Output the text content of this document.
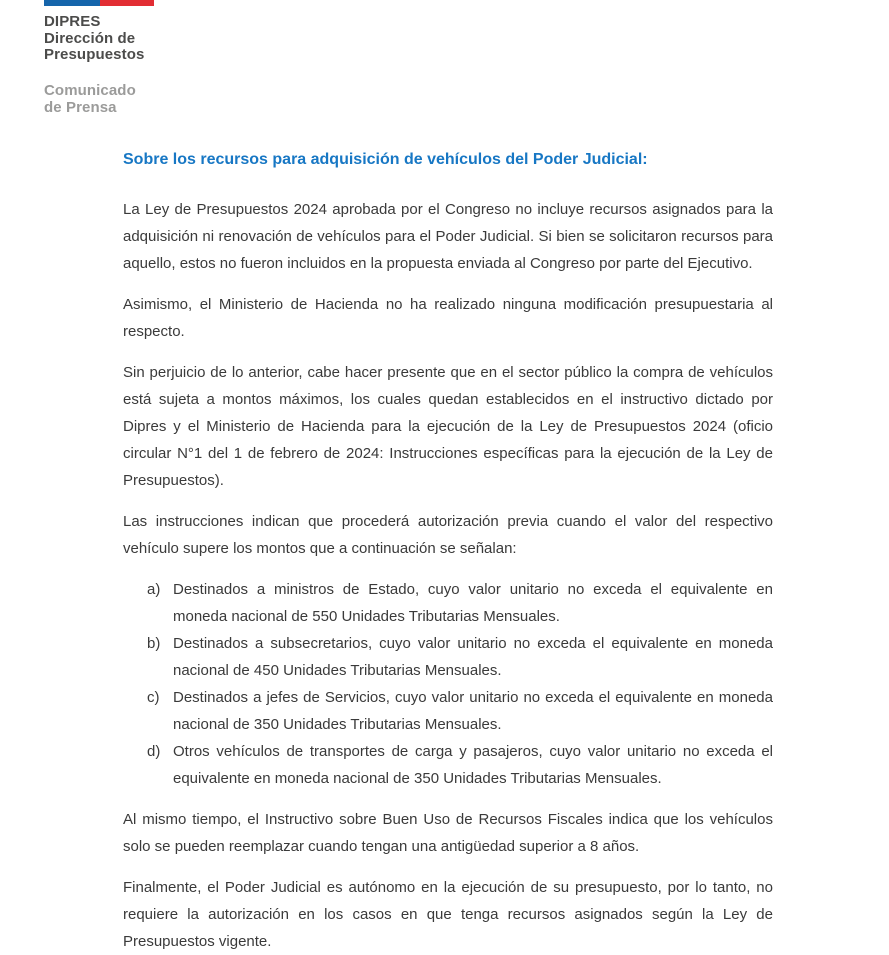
DIPRES
Dirección de
Presupuestos
Comunicado
de Prensa
Sobre los recursos para adquisición de vehículos del Poder Judicial:

La Ley de Presupuestos 2024 aprobada por el Congreso no incluye recursos asignados para la adquisición ni renovación de vehículos para el Poder Judicial. Si bien se solicitaron recursos para aquello, estos no fueron incluidos en la propuesta enviada al Congreso por parte del Ejecutivo.

Asimismo, el Ministerio de Hacienda no ha realizado ninguna modificación presupuestaria al respecto.

Sin perjuicio de lo anterior, cabe hacer presente que en el sector público la compra de vehículos está sujeta a montos máximos, los cuales quedan establecidos en el instructivo dictado por Dipres y el Ministerio de Hacienda para la ejecución de la Ley de Presupuestos 2024 (oficio circular N°1 del 1 de febrero de 2024: Instrucciones específicas para la ejecución de la Ley de Presupuestos).

Las instrucciones indican que procederá autorización previa cuando el valor del respectivo vehículo supere los montos que a continuación se señalan:

a) Destinados a ministros de Estado, cuyo valor unitario no exceda el equivalente en moneda nacional de 550 Unidades Tributarias Mensuales.
b) Destinados a subsecretarios, cuyo valor unitario no exceda el equivalente en moneda nacional de 450 Unidades Tributarias Mensuales.
c) Destinados a jefes de Servicios, cuyo valor unitario no exceda el equivalente en moneda nacional de 350 Unidades Tributarias Mensuales.
d) Otros vehículos de transportes de carga y pasajeros, cuyo valor unitario no exceda el equivalente en moneda nacional de 350 Unidades Tributarias Mensuales.

Al mismo tiempo, el Instructivo sobre Buen Uso de Recursos Fiscales indica que los vehículos solo se pueden reemplazar cuando tengan una antigüedad superior a 8 años.

Finalmente, el Poder Judicial es autónomo en la ejecución de su presupuesto, por lo tanto, no requiere la autorización en los casos en que tenga recursos asignados según la Ley de Presupuestos vigente.
